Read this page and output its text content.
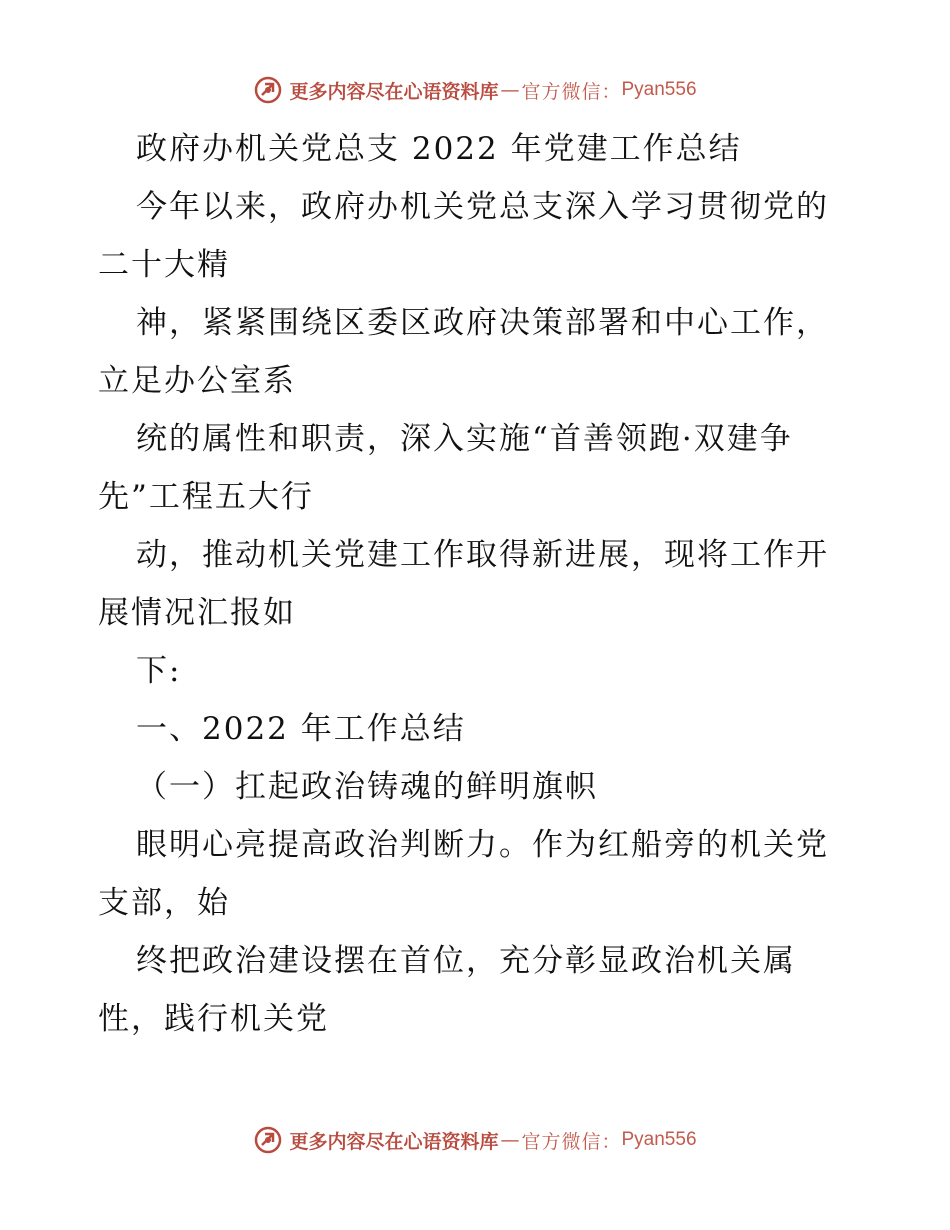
更多内容尽在心语资料库 — 官方微信： Pyan556
政府办机关党总支 2022 年党建工作总结
今年以来，政府办机关党总支深入学习贯彻党的
二十大精
神，紧紧围绕区委区政府决策部署和中心工作，
立足办公室系
统的属性和职责，深入实施“首善领跑·双建争
先”工程五大行
动，推动机关党建工作取得新进展，现将工作开
展情况汇报如
下:
一、2022 年工作总结
（一）扛起政治铸魂的鲜明旗帜
眼明心亮提高政治判断力。作为红船旁的机关党
支部，始
终把政治建设摆在首位，充分彰显政治机关属
性，践行机关党
更多内容尽在心语资料库 — 官方微信： Pyan556
